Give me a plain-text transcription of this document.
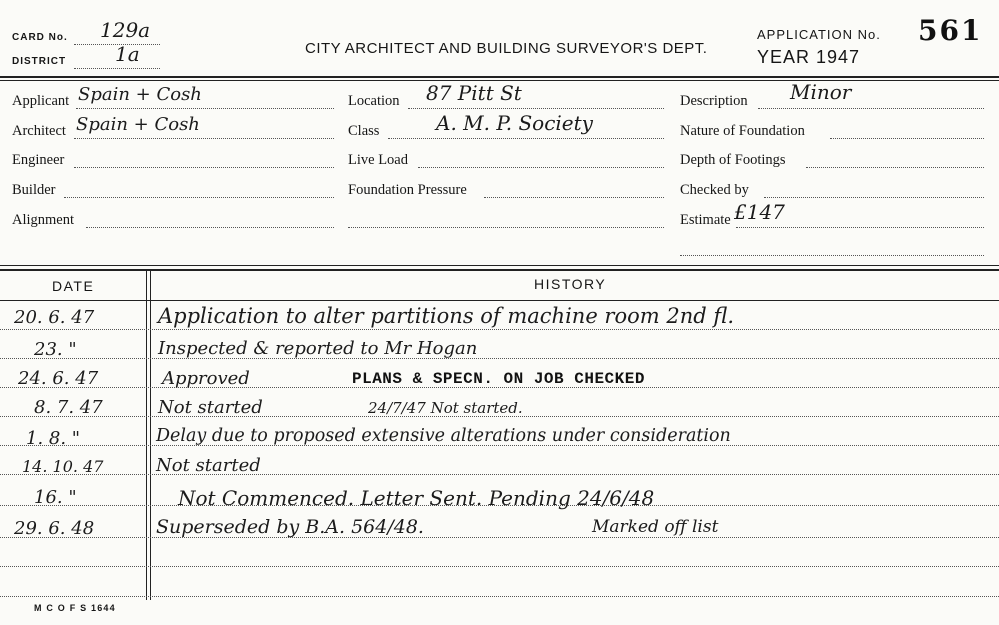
CARD No. 129a
DISTRICT 1a	CITY ARCHITECT AND BUILDING SURVEYOR'S DEPT.
APPLICATION No. 561
YEAR 1947
Applicant Spain + Cosh
Architect Spain + Cosh
Engineer
Builder
Alignment
Location 87 Pitt St
Class	A. M. P. Society
Live Load
Foundation Pressure
Description Minor
Nature of Foundation
Depth of Footings
Checked by
Estimate £147
DATE	HISTORY
20. 6. 47	Application to alter partitions of machine room 2nd fl.
23. "	Inspected & reported to Mr Hogan
24. 6. 47	Approved	PLANS & SPECN. ON JOB CHECKED
8. 7. 47	Not started	24/7/47 Not started.
1. 8. "	Delay due to proposed extensive alterations under consideration
14. 10. 47	Not started
16. "	Not Commenced. Letter Sent. Pending 24/6/48
29. 6. 48	Superseded by B.A. 564/48.	Marked off list
M C O F S 1644
